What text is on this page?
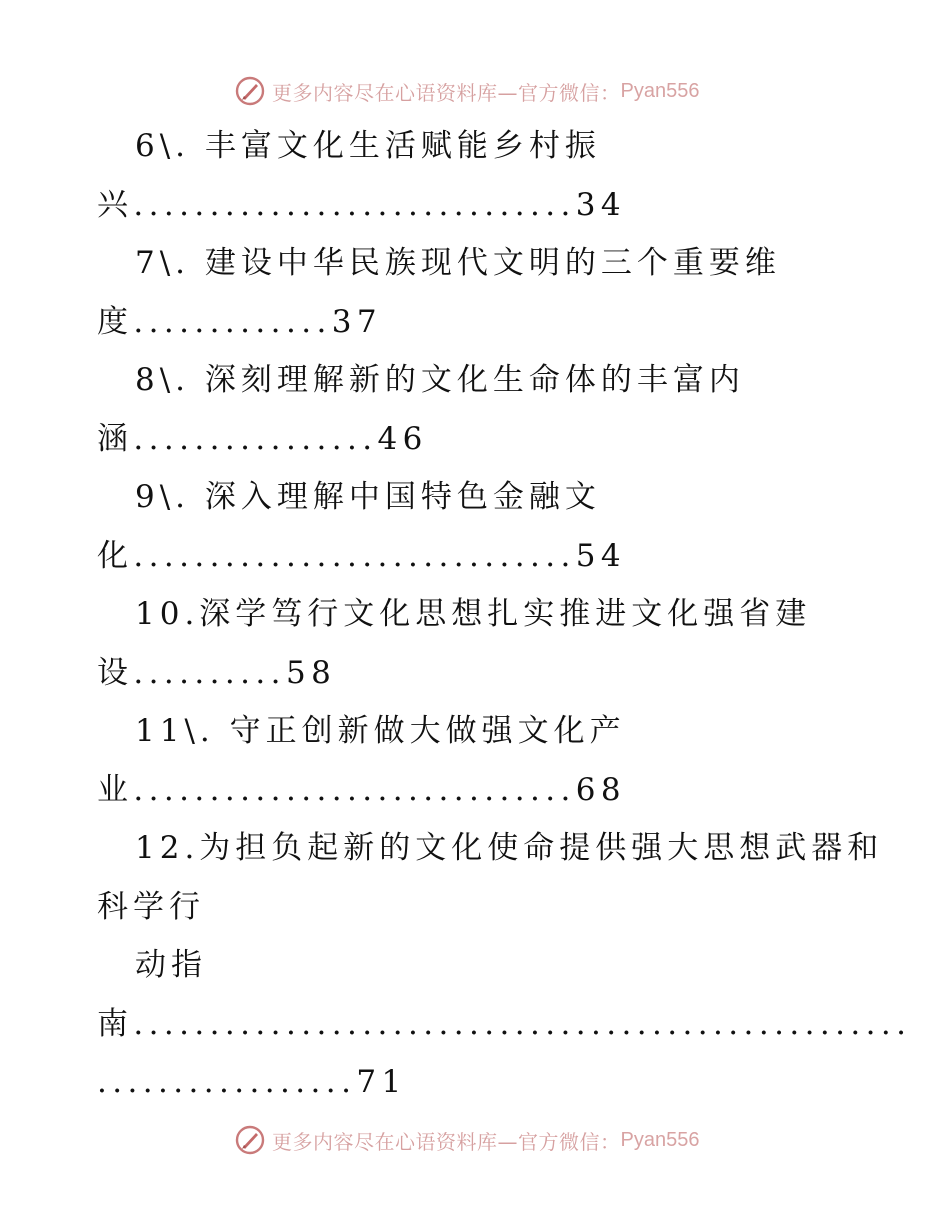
更多内容尽在心语资料库—官方微信： Pyan556
6\. 丰富文化生活赋能乡村振
兴.............................34
7\. 建设中华民族现代文明的三个重要维
度.............37
8\. 深刻理解新的文化生命体的丰富内
涵................46
9\. 深入理解中国特色金融文
化.............................54
10.深学笃行文化思想扎实推进文化强省建
设..........58
11\. 守正创新做大做强文化产
业.............................68
12.为担负起新的文化使命提供强大思想武器和
科学行
动指
南...................................................
.................71
更多内容尽在心语资料库—官方微信： Pyan556
